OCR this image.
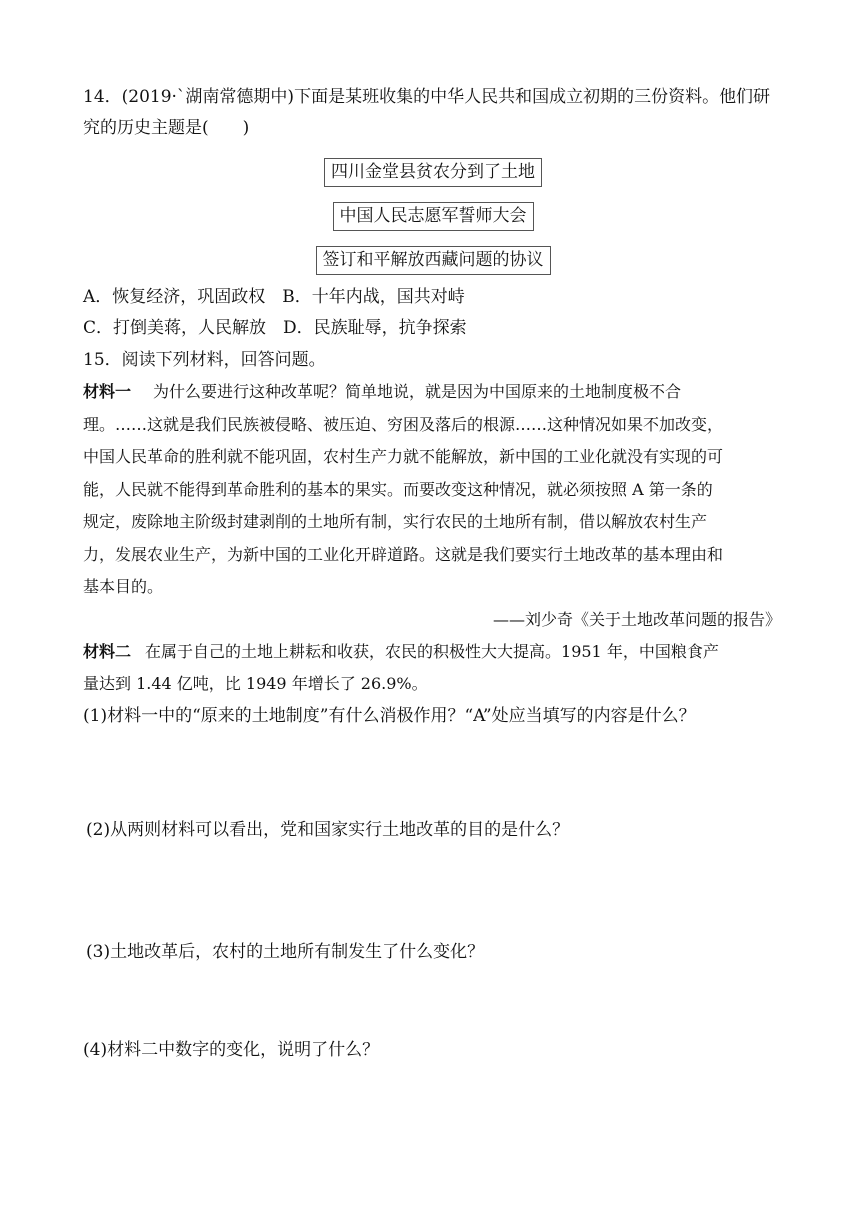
14．(2019·`湖南常德期中)下面是某班收集的中华人民共和国成立初期的三份资料。他们研
究的历史主题是(　　)
四川金堂县贫农分到了土地
中国人民志愿军誓师大会
签订和平解放西藏问题的协议
A．恢复经济，巩固政权　B．十年内战，国共对峙
C．打倒美蒋，人民解放　D．民族耻辱，抗争探索
15．阅读下列材料，回答问题。
材料一 为什么要进行这种改革呢？简单地说，就是因为中国原来的土地制度极不合
理。……这就是我们民族被侵略、被压迫、穷困及落后的根源……这种情况如果不加改变，
中国人民革命的胜利就不能巩固，农村生产力就不能解放，新中国的工业化就没有实现的可
能，人民就不能得到革命胜利的基本的果实。而要改变这种情况，就必须按照 A 第一条的
规定，废除地主阶级封建剥削的土地所有制，实行农民的土地所有制，借以解放农村生产
力，发展农业生产，为新中国的工业化开辟道路。这就是我们要实行土地改革的基本理由和
基本目的。
——刘少奇《关于土地改革问题的报告》
材料二 在属于自己的土地上耕耘和收获，农民的积极性大大提高。1951 年，中国粮食产
量达到 1.44 亿吨，比 1949 年增长了 26.9%。
(1)材料一中的“原来的土地制度”有什么消极作用？“A”处应当填写的内容是什么？
(2)从两则材料可以看出，党和国家实行土地改革的目的是什么？
(3)土地改革后，农村的土地所有制发生了什么变化？
(4)材料二中数字的变化，说明了什么？
